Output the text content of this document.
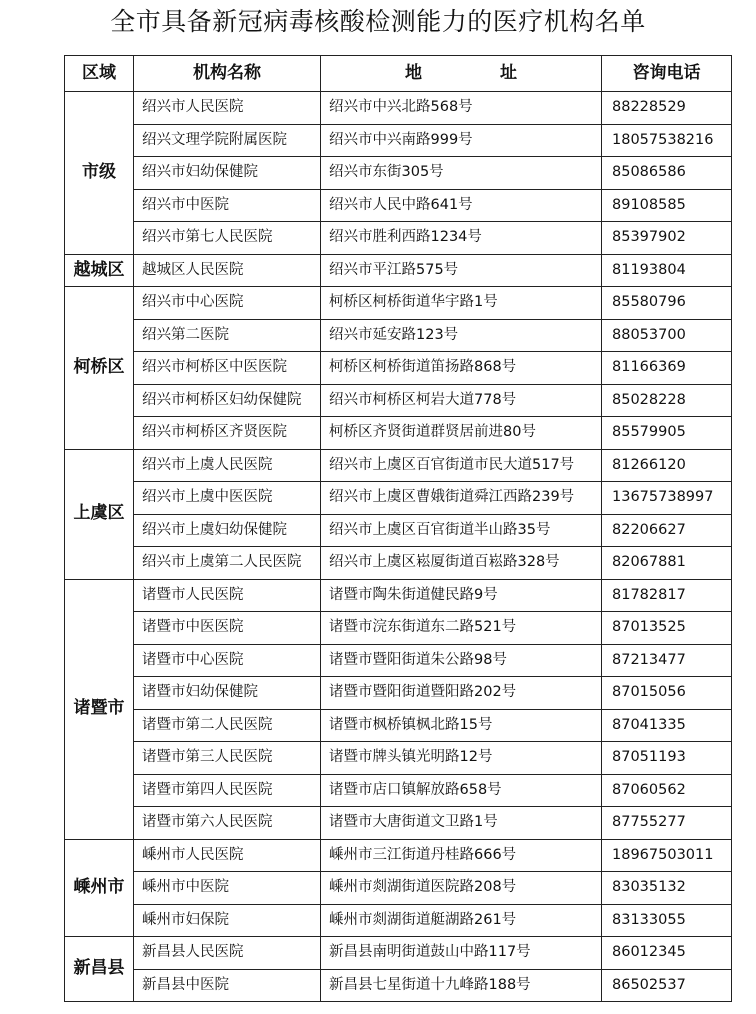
全市具备新冠病毒核酸检测能力的医疗机构名单
区域	机构名称	地 址	咨询电话
市级	绍兴市人民医院	绍兴市中兴北路568号	88228529
	绍兴文理学院附属医院	绍兴市中兴南路999号	18057538216
	绍兴市妇幼保健院	绍兴市东街305号	85086586
	绍兴市中医院	绍兴市人民中路641号	89108585
	绍兴市第七人民医院	绍兴市胜利西路1234号	85397902
越城区	越城区人民医院	绍兴市平江路575号	81193804
柯桥区	绍兴市中心医院	柯桥区柯桥街道华宇路1号	85580796
	绍兴第二医院	绍兴市延安路123号	88053700
	绍兴市柯桥区中医医院	柯桥区柯桥街道笛扬路868号	81166369
	绍兴市柯桥区妇幼保健院	绍兴市柯桥区柯岩大道778号	85028228
	绍兴市柯桥区齐贤医院	柯桥区齐贤街道群贤居前进80号	85579905
上虞区	绍兴市上虞人民医院	绍兴市上虞区百官街道市民大道517号	81266120
	绍兴市上虞中医医院	绍兴市上虞区曹娥街道舜江西路239号	13675738997
	绍兴市上虞妇幼保健院	绍兴市上虞区百官街道半山路35号	82206627
	绍兴市上虞第二人民医院	绍兴市上虞区崧厦街道百崧路328号	82067881
诸暨市	诸暨市人民医院	诸暨市陶朱街道健民路9号	81782817
	诸暨市中医医院	诸暨市浣东街道东二路521号	87013525
	诸暨市中心医院	诸暨市暨阳街道朱公路98号	87213477
	诸暨市妇幼保健院	诸暨市暨阳街道暨阳路202号	87015056
	诸暨市第二人民医院	诸暨市枫桥镇枫北路15号	87041335
	诸暨市第三人民医院	诸暨市牌头镇光明路12号	87051193
	诸暨市第四人民医院	诸暨市店口镇解放路658号	87060562
	诸暨市第六人民医院	诸暨市大唐街道文卫路1号	87755277
嵊州市	嵊州市人民医院	嵊州市三江街道丹桂路666号	18967503011
	嵊州市中医院	嵊州市剡湖街道医院路208号	83035132
	嵊州市妇保院	嵊州市剡湖街道艇湖路261号	83133055
新昌县	新昌县人民医院	新昌县南明街道鼓山中路117号	86012345
	新昌县中医院	新昌县七星街道十九峰路188号	86502537
